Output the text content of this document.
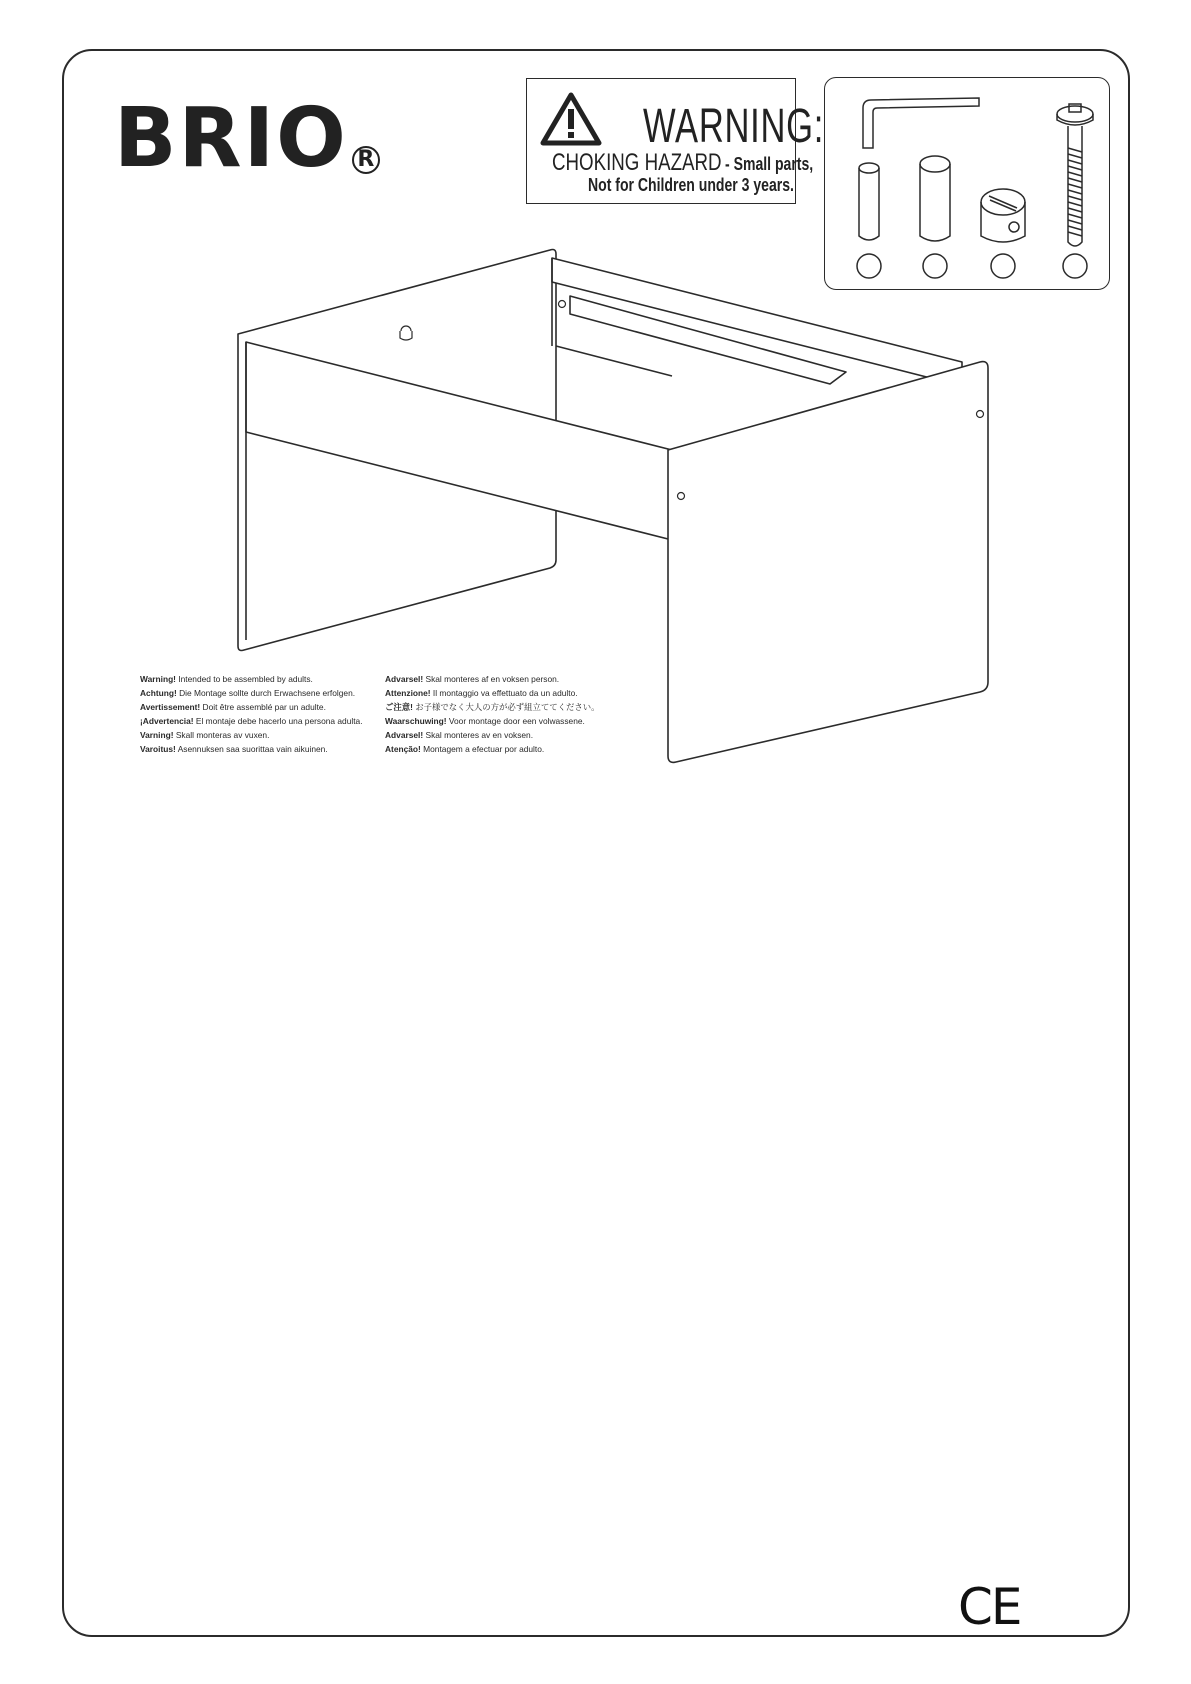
BRIO R
WARNING:
CHOKING HAZARD - Small parts,
Not for Children under 3 years.
Warning! Intended to be assembled by adults.
Achtung! Die Montage sollte durch Erwachsene erfolgen.
Avertissement! Doit être assemblé par un adulte.
¡Advertencia! El montaje debe hacerlo una persona adulta.
Varning! Skall monteras av vuxen.
Varoitus! Asennuksen saa suorittaa vain aikuinen.
Advarsel! Skal monteres af en voksen person.
Attenzione! Il montaggio va effettuato da un adulto.
ご注意! お子様でなく大人の方が必ず組立ててください。
Waarschuwing! Voor montage door een volwassene.
Advarsel! Skal monteres av en voksen.
Atenção! Montagem a efectuar por adulto.
CE
